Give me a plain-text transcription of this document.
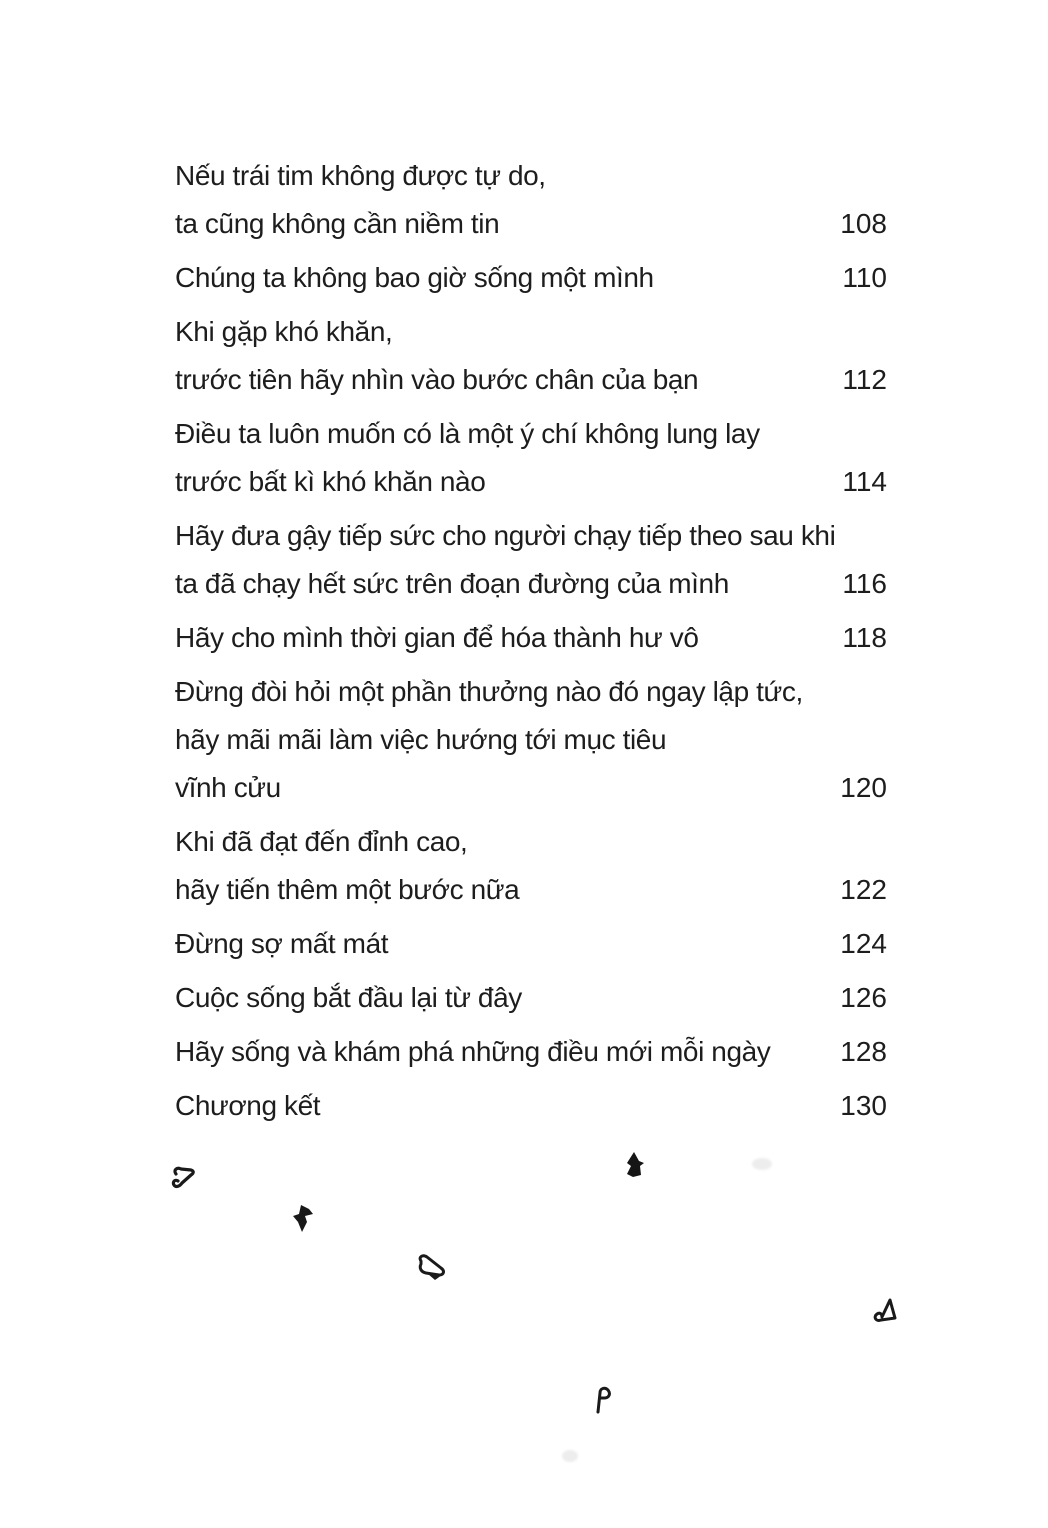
Nếu trái tim không được tự do,
ta cũng không cần niềm tin	108
Chúng ta không bao giờ sống một mình	110
Khi gặp khó khăn,
trước tiên hãy nhìn vào bước chân của bạn	112
Điều ta luôn muốn có là một ý chí không lung lay
trước bất kì khó khăn nào	114
Hãy đưa gậy tiếp sức cho người chạy tiếp theo sau khi
ta đã chạy hết sức trên đoạn đường của mình	116
Hãy cho mình thời gian để hóa thành hư vô	118
Đừng đòi hỏi một phần thưởng nào đó ngay lập tức,
hãy mãi mãi làm việc hướng tới mục tiêu
vĩnh cửu	120
Khi đã đạt đến đỉnh cao,
hãy tiến thêm một bước nữa	122
Đừng sợ mất mát	124
Cuộc sống bắt đầu lại từ đây	126
Hãy sống và khám phá những điều mới mỗi ngày 128
Chương kết	130
